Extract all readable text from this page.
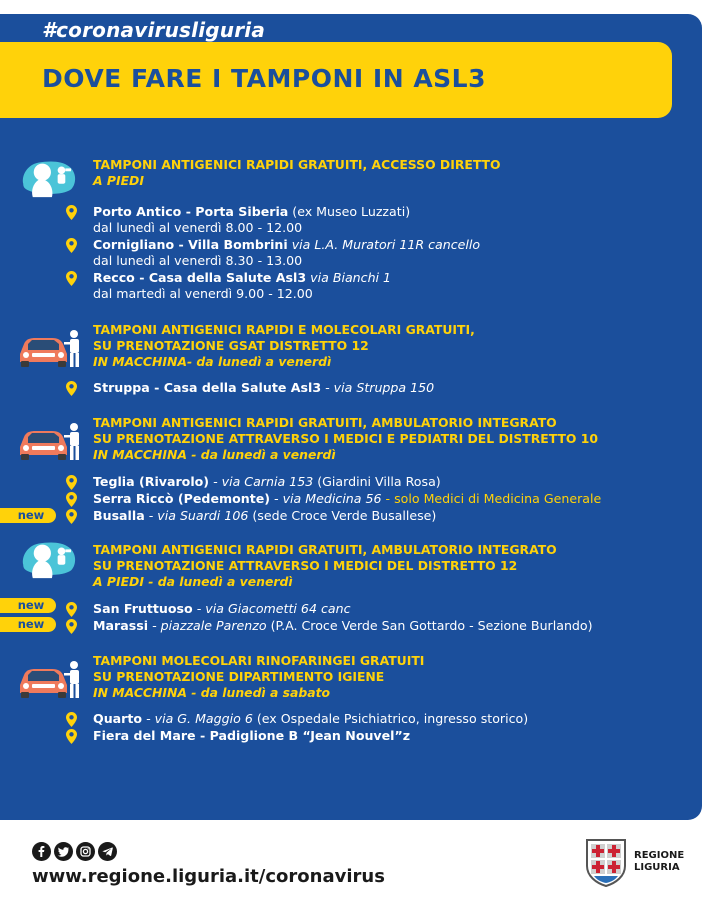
#coronavirusliguria
DOVE FARE I TAMPONI IN ASL3
TAMPONI ANTIGENICI RAPIDI GRATUITI, ACCESSO DIRETTO
A PIEDI
Porto Antico - Porta Siberia (ex Museo Luzzati)
dal lunedì al venerdì 8.00 - 12.00
Cornigliano - Villa Bombrini via L.A. Muratori 11R cancello
dal lunedì al venerdì 8.30 - 13.00
Recco - Casa della Salute Asl3 via Bianchi 1
dal martedì al venerdì 9.00 - 12.00
TAMPONI ANTIGENICI RAPIDI E MOLECOLARI GRATUITI,
SU PRENOTAZIONE GSAT DISTRETTO 12
IN MACCHINA- da lunedì a venerdì
Struppa - Casa della Salute Asl3 - via Struppa 150
TAMPONI ANTIGENICI RAPIDI GRATUITI, AMBULATORIO INTEGRATO
SU PRENOTAZIONE ATTRAVERSO I MEDICI E PEDIATRI DEL DISTRETTO 10
IN MACCHINA - da lunedì a venerdì
Teglia (Rivarolo) - via Carnia 153 (Giardini Villa Rosa)
Serra Riccò (Pedemonte) - via Medicina 56 - solo Medici di Medicina Generale
new	Busalla - via Suardi 106 (sede Croce Verde Busallese)
TAMPONI ANTIGENICI RAPIDI GRATUITI, AMBULATORIO INTEGRATO
SU PRENOTAZIONE ATTRAVERSO I MEDICI DEL DISTRETTO 12
A PIEDI - da lunedì a venerdì
new	San Fruttuoso - via Giacometti 64 canc
new	Marassi - piazzale Parenzo (P.A. Croce Verde San Gottardo - Sezione Burlando)
TAMPONI MOLECOLARI RINOFARINGEI GRATUITI
SU PRENOTAZIONE DIPARTIMENTO IGIENE
IN MACCHINA - da lunedì a sabato
Quarto - via G. Maggio 6 (ex Ospedale Psichiatrico, ingresso storico)
Fiera del Mare - Padiglione B “Jean Nouvel”z
www.regione.liguria.it/coronavirus
REGIONE
LIGURIA
